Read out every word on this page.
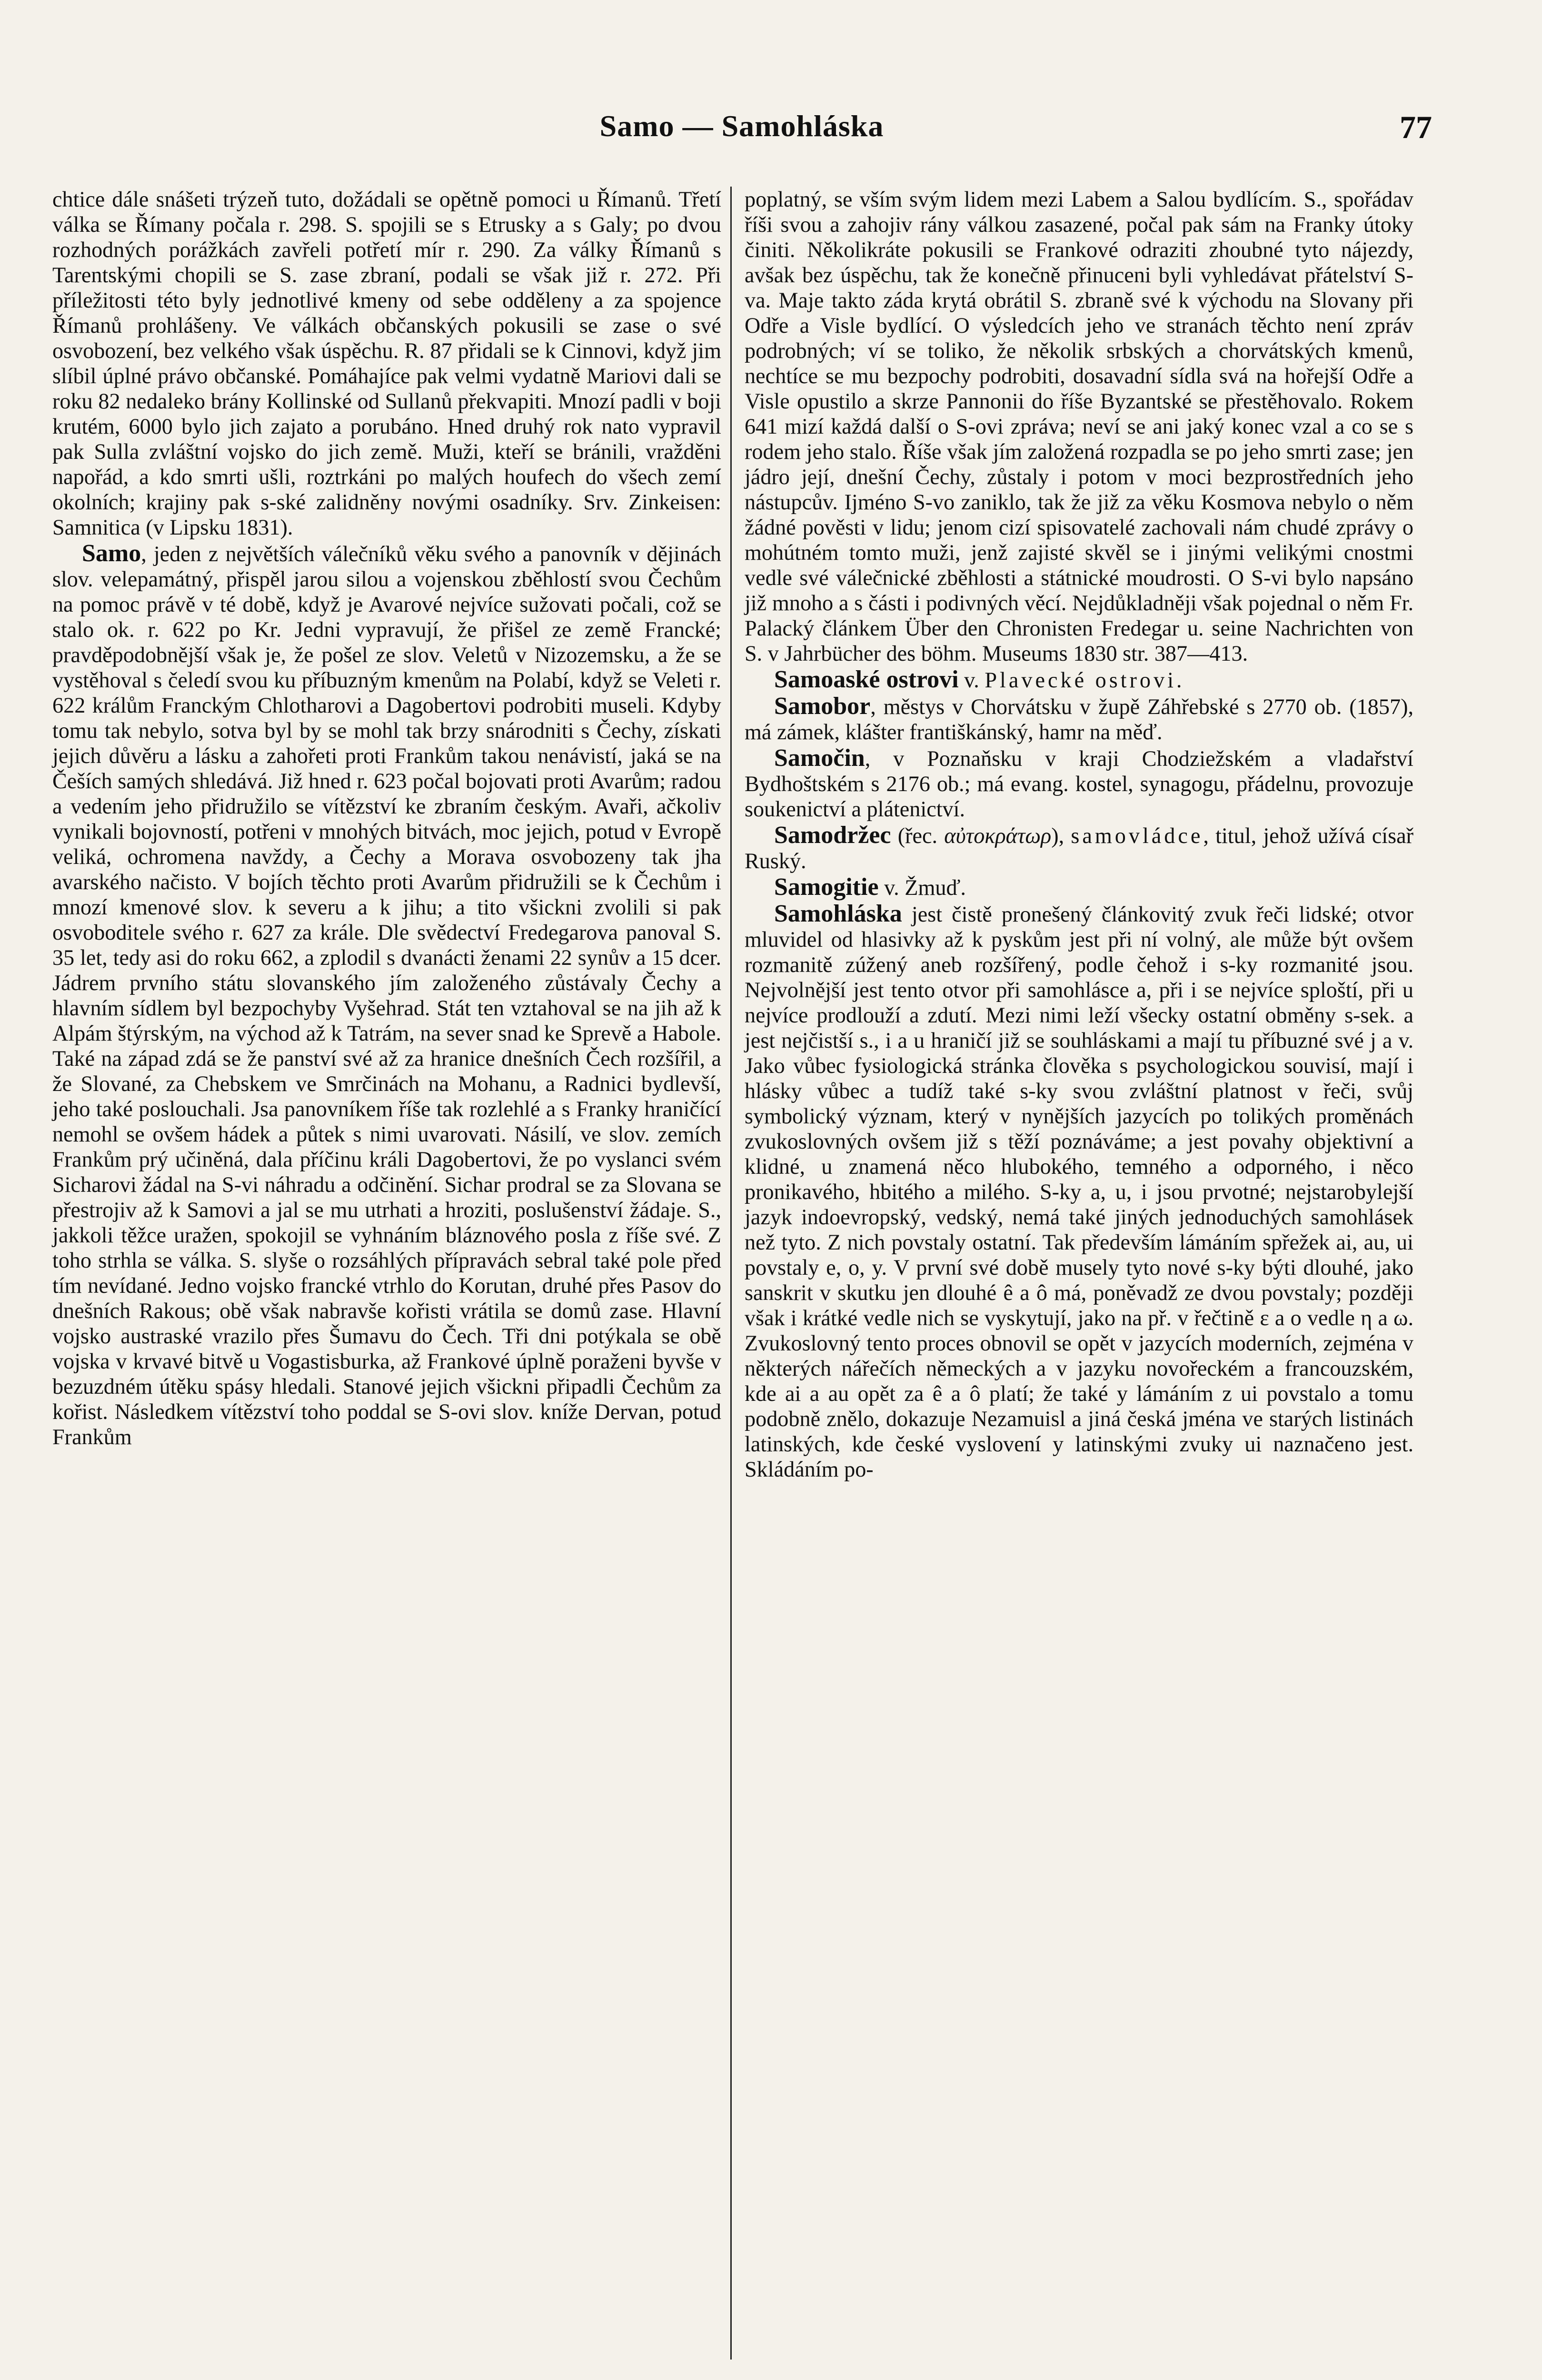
Samo — Samohláska	77

chtice dále snášeti trýzeň tuto, dožádali se opětně pomoci u Římanů. Třetí válka se Římany počala r. 298. S. spojili se s Etrusky a s Galy; po dvou rozhodných porážkách zavřeli potřetí mír r. 290. Za války Římanů s Tarentskými chopili se S. zase zbraní, podali se však již r. 272. Při příležitosti této byly jednotlivé kmeny od sebe odděleny a za spojence Římanů prohlášeny. Ve válkách občanských pokusili se zase o své osvobození, bez velkého však úspěchu. R. 87 přidali se k Cinnovi, když jim slíbil úplné právo občanské. Pomáhajíce pak velmi vydatně Mariovi dali se roku 82 nedaleko brány Kollinské od Sullanů překvapiti. Mnozí padli v boji krutém, 6000 bylo jich zajato a porubáno. Hned druhý rok nato vypravil pak Sulla zvláštní vojsko do jich země. Muži, kteří se bránili, vražděni napořád, a kdo smrti ušli, roztrkáni po malých houfech do všech zemí okolních; krajiny pak s-ské zalidněny novými osadníky. Srv. Zinkeisen: Samnitica (v Lipsku 1831).

Samo, jeden z největších válečníků věku svého a panovník v dějinách slov. velepamátný, přispěl jarou silou a vojenskou zběhlostí svou Čechům na pomoc právě v té době, když je Avarové nejvíce sužovati počali, což se stalo ok. r. 622 po Kr. Jedni vypravují, že přišel ze země Francké; pravděpodobnější však je, že pošel ze slov. Veletů v Nizozemsku, a že se vystěhoval s čeledí svou ku příbuzným kmenům na Polabí, když se Veleti r. 622 králům Franckým Chlotharovi a Dagobertovi podrobiti museli. Kdyby tomu tak nebylo, sotva byl by se mohl tak brzy snárodniti s Čechy, získati jejich důvěru a lásku a zahořeti proti Frankům takou nenávistí, jaká se na Češích samých shledává. Již hned r. 623 počal bojovati proti Avarům; radou a vedením jeho přidružilo se vítězství ke zbraním českým. Avaři, ačkoliv vynikali bojovností, potřeni v mnohých bitvách, moc jejich, potud v Evropě veliká, ochromena navždy, a Čechy a Morava osvobozeny tak jha avarského načisto. V bojích těchto proti Avarům přidružili se k Čechům i mnozí kmenové slov. k severu a k jihu; a tito všickni zvolili si pak osvoboditele svého r. 627 za krále. Dle svědectví Fredegarova panoval S. 35 let, tedy asi do roku 662, a zplodil s dvanácti ženami 22 synův a 15 dcer. Jádrem prvního státu slovanského jím založeného zůstávaly Čechy a hlavním sídlem byl bezpochyby Vyšehrad. Stát ten vztahoval se na jih až k Alpám štýrským, na východ až k Tatrám, na sever snad ke Sprevě a Habole. Také na západ zdá se že panství své až za hranice dnešních Čech rozšířil, a že Slované, za Chebskem ve Smrčinách na Mohanu, a Radnici bydlevší, jeho také poslouchali. Jsa panovníkem říše tak rozlehlé a s Franky hraničící nemohl se ovšem hádek a půtek s nimi uvarovati. Násilí, ve slov. zemích Frankům prý učiněná, dala příčinu králi Dagobertovi, že po vyslanci svém Sicharovi žádal na S-vi náhradu a odčinění. Sichar prodral se za Slovana se přestrojiv až k Samovi a jal se mu utrhati a hroziti, poslušenství žádaje. S., jakkoli těžce uražen, spokojil se vyhnáním bláznového posla z říše své. Z toho strhla se válka. S. slyše o rozsáhlých přípravách sebral také pole před tím nevídané. Jedno vojsko francké vtrhlo do Korutan, druhé přes Pasov do dnešních Rakous; obě však nabravše kořisti vrátila se domů zase. Hlavní vojsko austraské vrazilo přes Šumavu do Čech. Tři dni potýkala se obě vojska v krvavé bitvě u Vogastisburka, až Frankové úplně poraženi byvše v bezuzdném útěku spásy hledali. Stanové jejich všickni připadli Čechům za kořist. Následkem vítězství toho poddal se S-ovi slov. kníže Dervan, potud Frankům

poplatný, se vším svým lidem mezi Labem a Salou bydlícím. S., spořádav říši svou a zahojiv rány válkou zasazené, počal pak sám na Franky útoky činiti. Několikráte pokusili se Frankové odraziti zhoubné tyto nájezdy, avšak bez úspěchu, tak že konečně přinuceni byli vyhledávat přátelství S-va. Maje takto záda krytá obrátil S. zbraně své k východu na Slovany při Odře a Visle bydlící. O výsledcích jeho ve stranách těchto není zpráv podrobných; ví se toliko, že několik srbských a chorvátských kmenů, nechtíce se mu bezpochy podrobiti, dosavadní sídla svá na hořejší Odře a Visle opustilo a skrze Pannonii do říše Byzantské se přestěhovalo. Rokem 641 mizí každá další o S-ovi zpráva; neví se ani jaký konec vzal a co se s rodem jeho stalo. Říše však jím založená rozpadla se po jeho smrti zase; jen jádro její, dnešní Čechy, zůstaly i potom v moci bezprostředních jeho nástupcův. Ijméno S-vo zaniklo, tak že již za věku Kosmova nebylo o něm žádné pověsti v lidu; jenom cizí spisovatelé zachovali nám chudé zprávy o mohútném tomto muži, jenž zajisté skvěl se i jinými velikými cnostmi vedle své válečnické zběhlosti a státnické moudrosti. O S-vi bylo napsáno již mnoho a s části i podivných věcí. Nejdůkladněji však pojednal o něm Fr. Palacký článkem Über den Chronisten Fredegar u. seine Nachrichten von S. v Jahrbücher des böhm. Museums 1830 str. 387—413.

Samoaské ostrovi v. Plavecké ostrovi.

Samobor, městys v Chorvátsku v župě Záhřebské s 2770 ob. (1857), má zámek, klášter františkánský, hamr na měď.

Samočin, v Poznaňsku v kraji Chodziežském a vladařství Bydhoštském s 2176 ob.; má evang. kostel, synagogu, přádelnu, provozuje soukenictví a plátenictví.

Samodržec (řec. αὐτοκράτωρ), samovládce, titul, jehož užívá císař Ruský.

Samogitie v. Žmuď.

Samohláska jest čistě pronešený článkovitý zvuk řeči lidské; otvor mluvidel od hlasivky až k pyskům jest při ní volný, ale může být ovšem rozmanitě zúžený aneb rozšířený, podle čehož i s-ky rozmanité jsou. Nejvolnější jest tento otvor při samohlásce a, při i se nejvíce sploští, při u nejvíce prodlouží a zdutí. Mezi nimi leží všecky ostatní obměny s-sek. a jest nejčistší s., i a u hraničí již se souhláskami a mají tu příbuzné své j a v. Jako vůbec fysiologická stránka člověka s psychologickou souvisí, mají i hlásky vůbec a tudíž také s-ky svou zvláštní platnost v řeči, svůj symbolický význam, který v nynějších jazycích po tolikých proměnách zvukoslovných ovšem již s těží poznáváme; a jest povahy objektivní a klidné, u znamená něco hlubokého, temného a odporného, i něco pronikavého, hbitého a milého. S-ky a, u, i jsou prvotné; nejstarobylejší jazyk indoevropský, vedský, nemá také jiných jednoduchých samohlásek než tyto. Z nich povstaly ostatní. Tak především lámáním spřežek ai, au, ui povstaly e, o, y. V první své době musely tyto nové s-ky býti dlouhé, jako sanskrit v skutku jen dlouhé ê a ô má, poněvadž ze dvou povstaly; později však i krátké vedle nich se vyskytují, jako na př. v řečtině ε a ο vedle η a ω. Zvukoslovný tento proces obnovil se opět v jazycích moderních, zejména v některých nářečích německých a v jazyku novořeckém a francouzském, kde ai a au opět za ê a ô platí; že také y lámáním z ui povstalo a tomu podobně znělo, dokazuje Nezamuisl a jiná česká jména ve starých listinách latinských, kde české vyslovení y latinskými zvuky ui naznačeno jest. Skládáním po-
